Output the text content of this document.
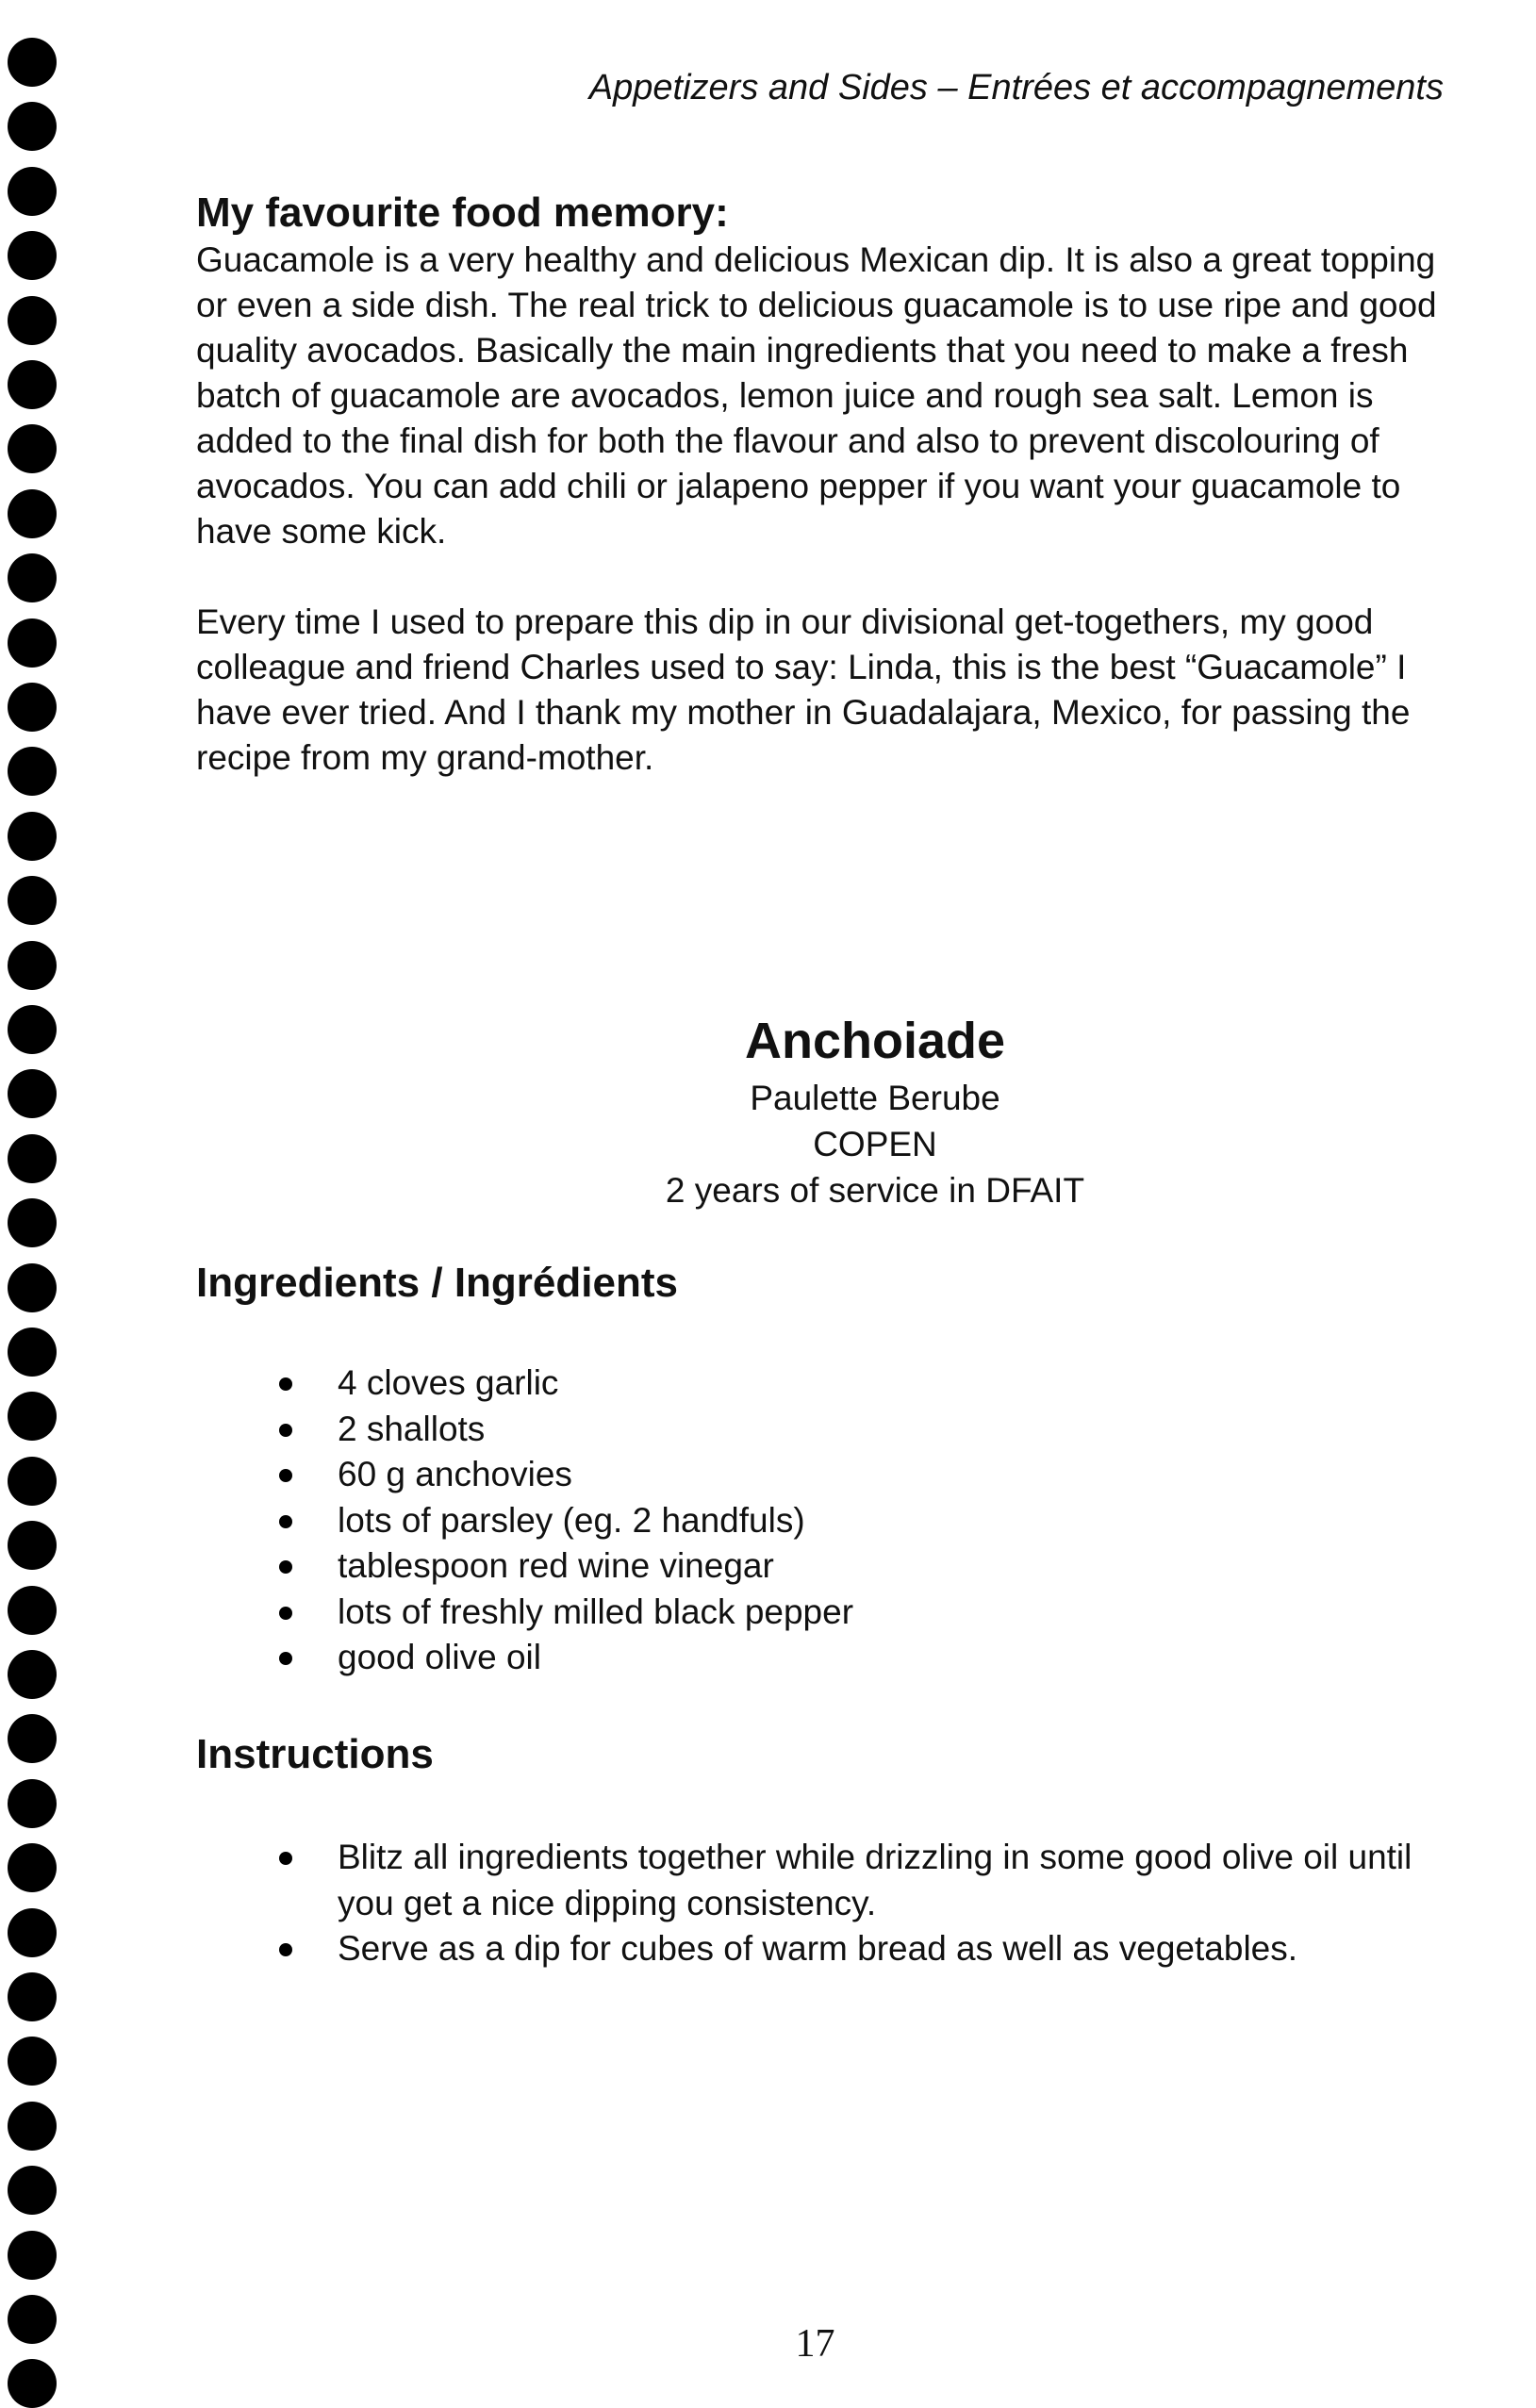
Appetizers and Sides – Entrées et accompagnements
My favourite food memory:

Guacamole is a very healthy and delicious Mexican dip. It is also a great topping or even a side dish. The real trick to delicious guacamole is to use ripe and good quality avocados. Basically the main ingredients that you need to make a fresh batch of guacamole are avocados, lemon juice and rough sea salt. Lemon is added to the final dish for both the flavour and also to prevent discolouring of avocados. You can add chili or jalapeno pepper if you want your guacamole to have some kick.

Every time I used to prepare this dip in our divisional get-togethers, my good colleague and friend Charles used to say: Linda, this is the best “Guacamole” I have ever tried. And I thank my mother in Guadalajara, Mexico, for passing the recipe from my grand-mother.

Anchoiade
Paulette Berube
COPEN
2 years of service in DFAIT
Ingredients / Ingrédients
4 cloves garlic
2 shallots
60 g anchovies
lots of parsley (eg. 2 handfuls)
tablespoon red wine vinegar
lots of freshly milled black pepper
good olive oil
Instructions
Blitz all ingredients together while drizzling in some good olive oil until you get a nice dipping consistency.
Serve as a dip for cubes of warm bread as well as vegetables.
17
